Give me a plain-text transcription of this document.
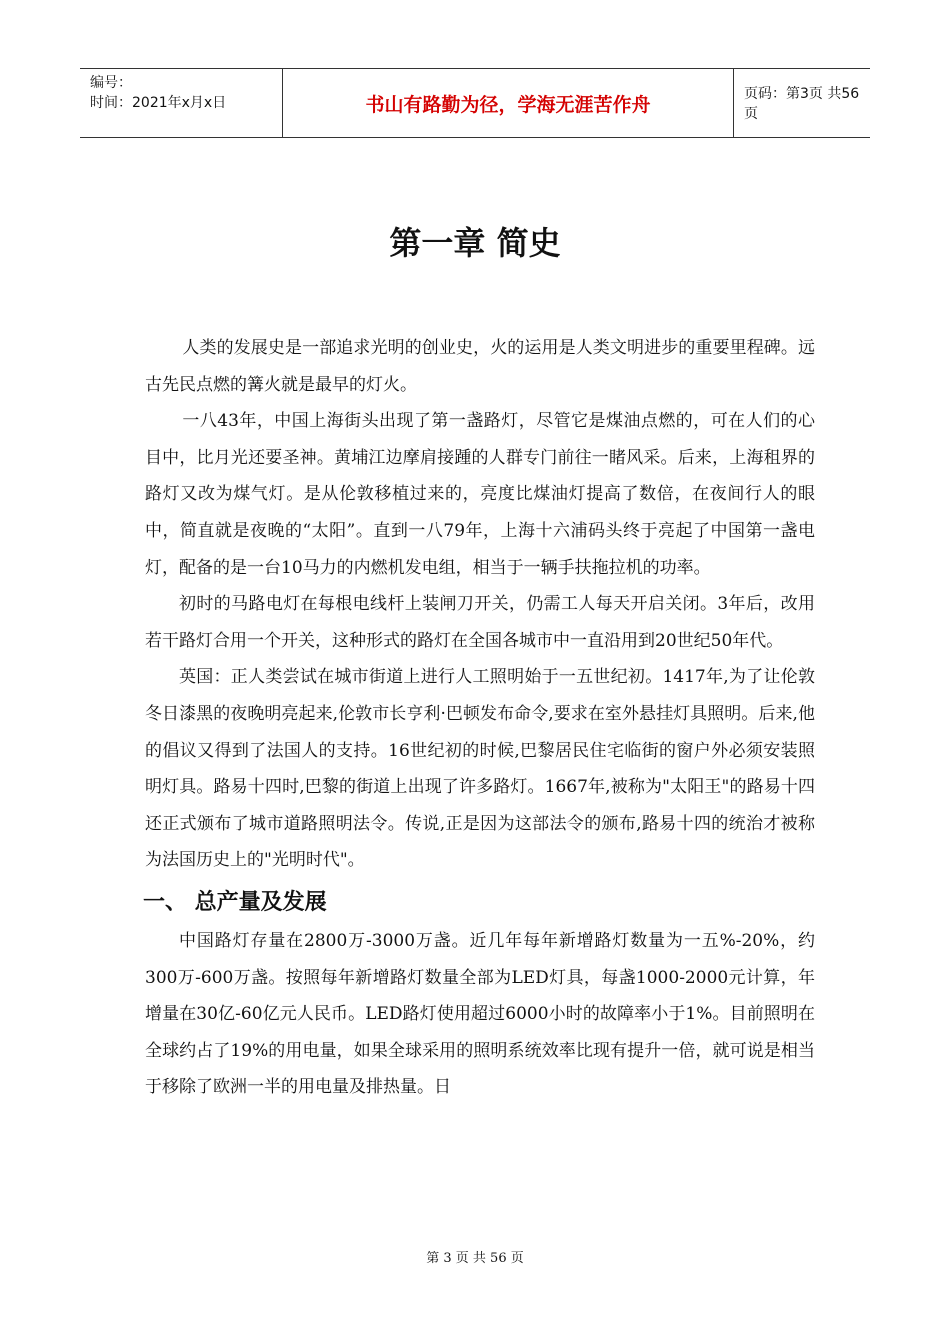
编号：
时间：2021年x月x日	书山有路勤为径，学海无涯苦作舟	页码：第3页 共56页
第一章 简史

人类的发展史是一部追求光明的创业史，火的运用是人类文明进步的重要里程碑。远古先民点燃的篝火就是最早的灯火。

一八43年，中国上海街头出现了第一盏路灯，尽管它是煤油点燃的，可在人们的心目中，比月光还要圣神。黄埔江边摩肩接踵的人群专门前往一睹风采。后来，上海租界的路灯又改为煤气灯。是从伦敦移植过来的，亮度比煤油灯提高了数倍，在夜间行人的眼中，简直就是夜晚的“太阳”。直到一八79年，上海十六浦码头终于亮起了中国第一盏电灯，配备的是一台10马力的内燃机发电组，相当于一辆手扶拖拉机的功率。

初时的马路电灯在每根电线杆上装闸刀开关，仍需工人每天开启关闭。3年后，改用若干路灯合用一个开关，这种形式的路灯在全国各城市中一直沿用到20世纪50年代。

英国：正人类尝试在城市街道上进行人工照明始于一五世纪初。1417年,为了让伦敦冬日漆黑的夜晚明亮起来,伦敦市长亨利·巴顿发布命令,要求在室外悬挂灯具照明。后来,他的倡议又得到了法国人的支持。16世纪初的时候,巴黎居民住宅临街的窗户外必须安装照明灯具。路易十四时,巴黎的街道上出现了许多路灯。1667年,被称为"太阳王"的路易十四还正式颁布了城市道路照明法令。传说,正是因为这部法令的颁布,路易十四的统治才被称为法国历史上的"光明时代"。

一、 总产量及发展

中国路灯存量在2800万-3000万盏。近几年每年新增路灯数量为一五%-20%，约300万-600万盏。按照每年新增路灯数量全部为LED灯具，每盏1000-2000元计算，年增量在30亿-60亿元人民币。LED路灯使用超过6000小时的故障率小于1%。目前照明在全球约占了19%的用电量，如果全球采用的照明系统效率比现有提升一倍，就可说是相当于移除了欧洲一半的用电量及排热量。日

第 3 页 共 56 页
